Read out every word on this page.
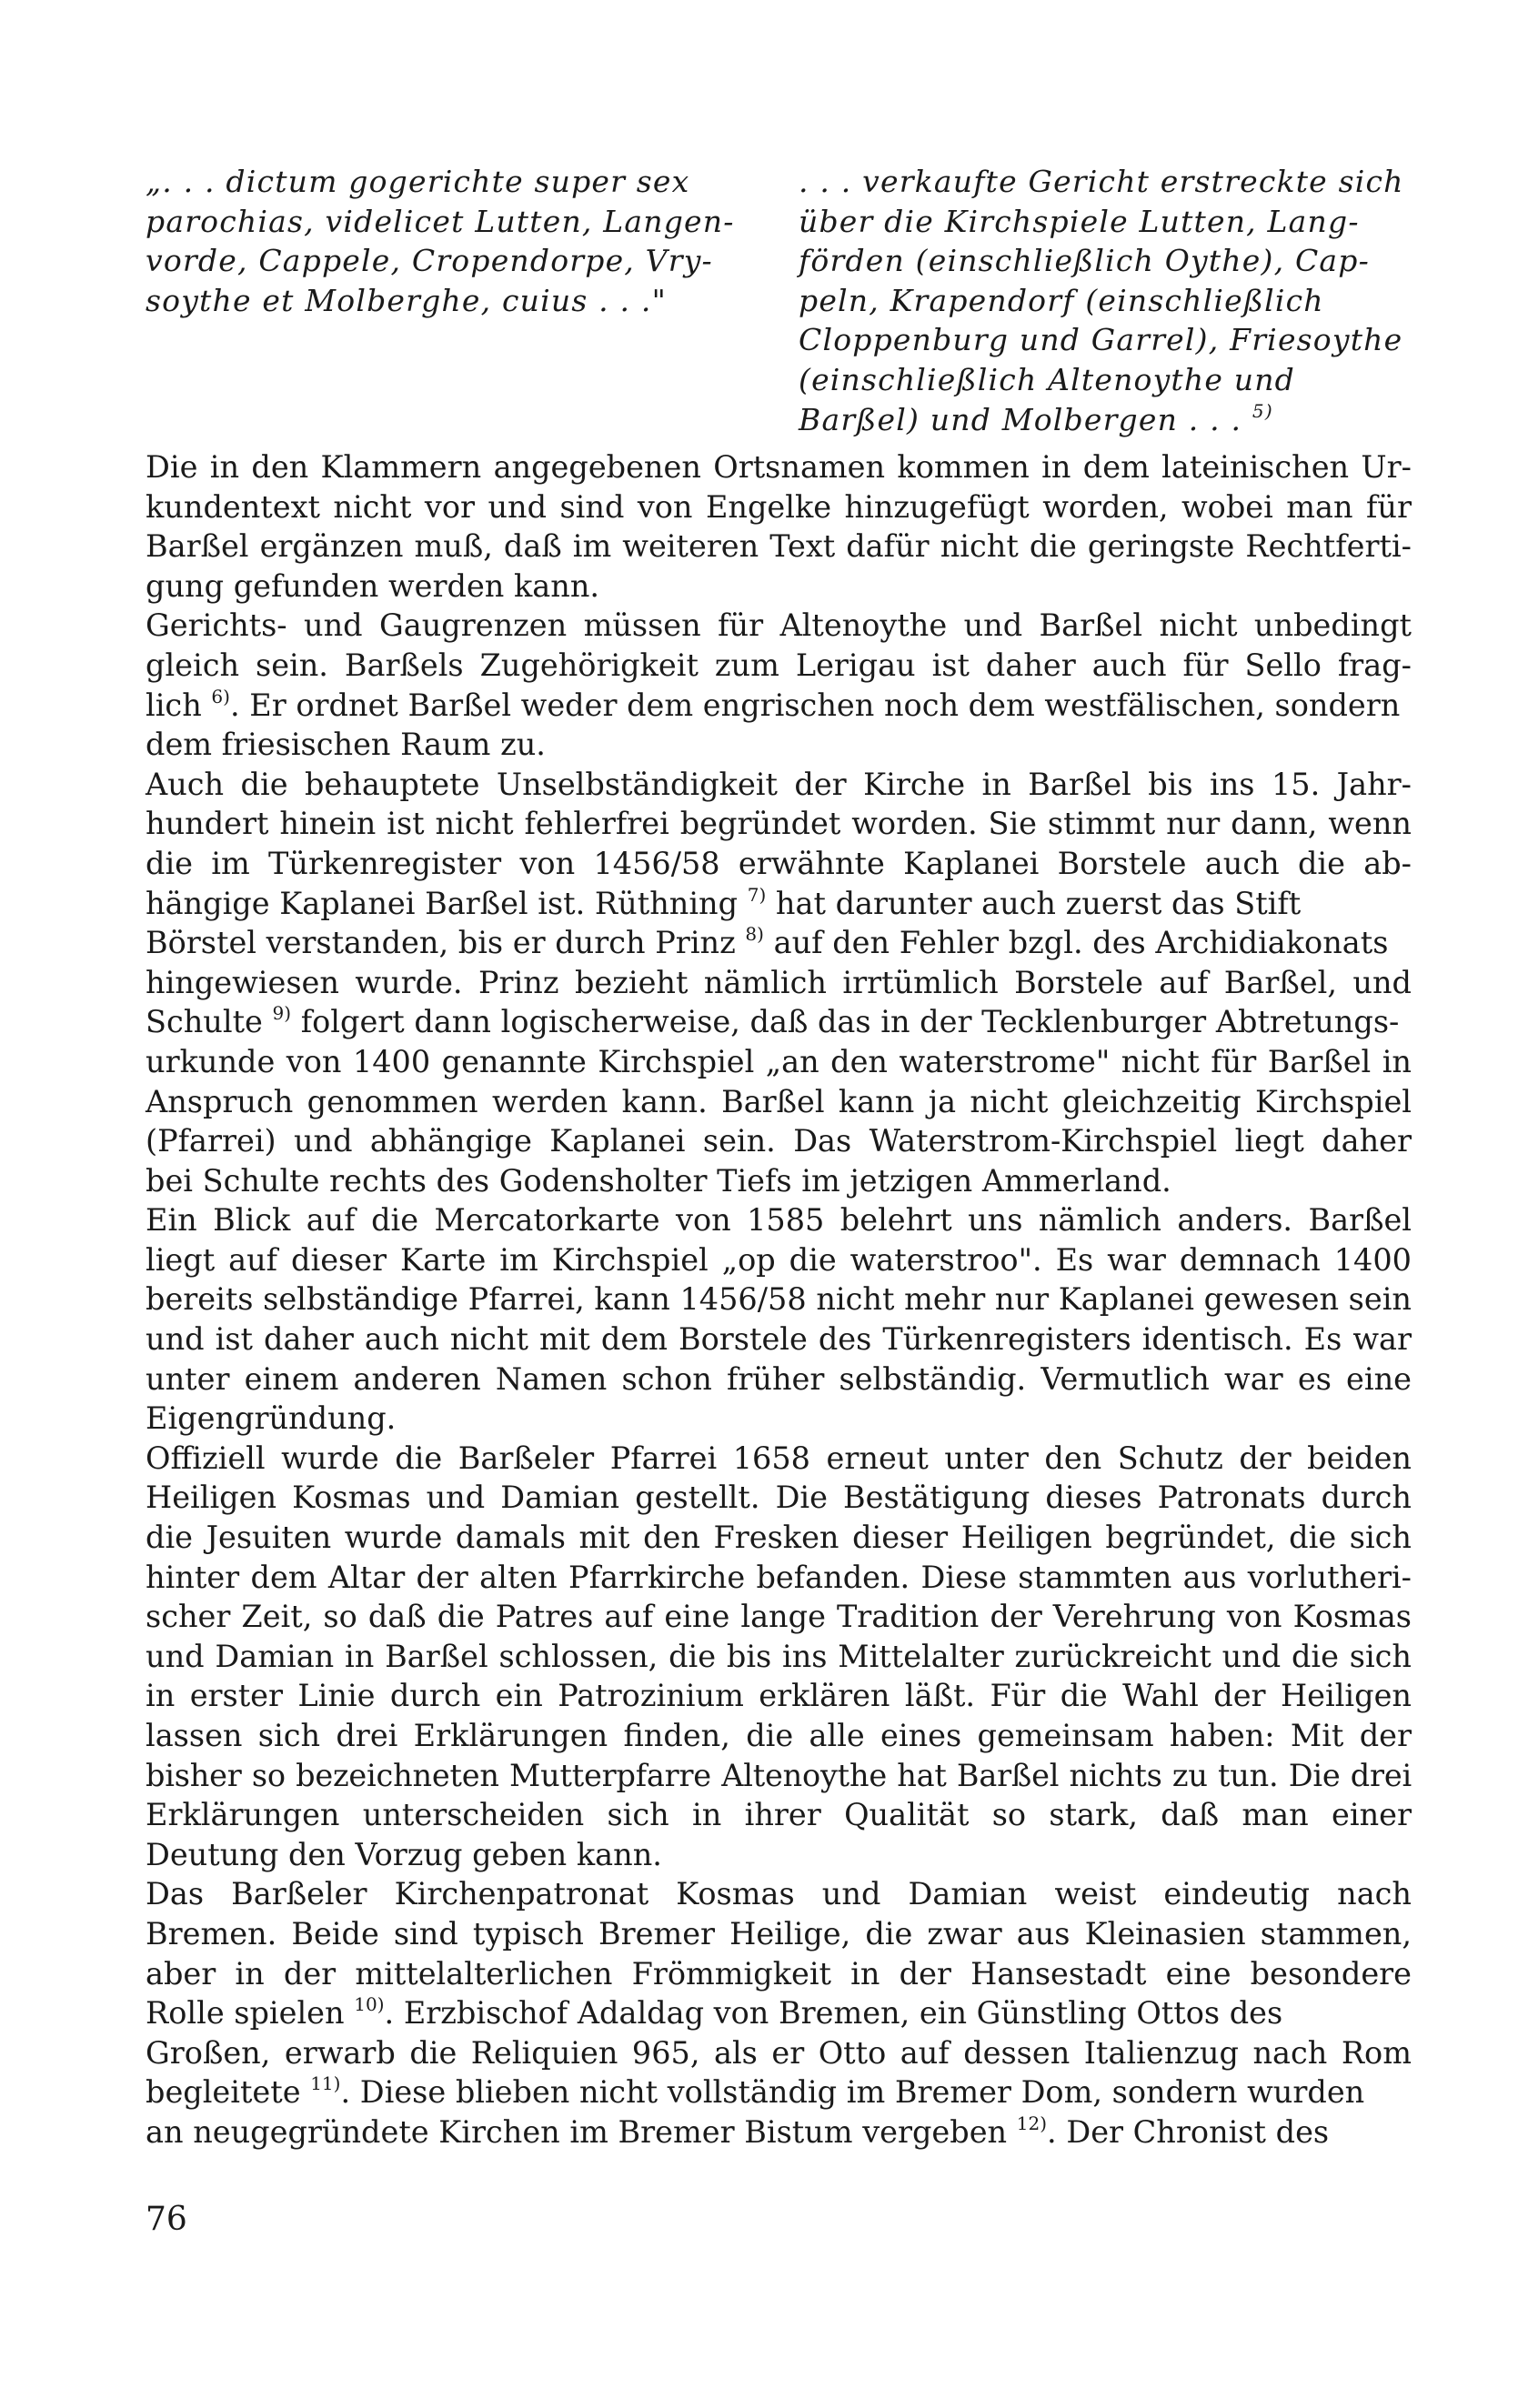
„. . . dictum gogerichte super sex
parochias, videlicet Lutten, Langen-
vorde, Cappele, Cropendorpe, Vry-
soythe et Molberghe, cuius . . ."
. . . verkaufte Gericht erstreckte sich
über die Kirchspiele Lutten, Lang-
förden (einschließlich Oythe), Cap-
peln, Krapendorf (einschließlich
Cloppenburg und Garrel), Friesoythe
(einschließlich Altenoythe und
Barßel) und Molbergen . . . $^{5)}$
Die in den Klammern angegebenen Ortsnamen kommen in dem lateinischen Ur-
kundentext nicht vor und sind von Engelke hinzugefügt worden, wobei man für
Barßel ergänzen muß, daß im weiteren Text dafür nicht die geringste Rechtferti-
gung gefunden werden kann.
Gerichts- und Gaugrenzen müssen für Altenoythe und Barßel nicht unbedingt
gleich sein. Barßels Zugehörigkeit zum Lerigau ist daher auch für Sello frag-
lich $^{6)}$. Er ordnet Barßel weder dem engrischen noch dem westfälischen, sondern
dem friesischen Raum zu.
Auch die behauptete Unselbständigkeit der Kirche in Barßel bis ins 15. Jahr-
hundert hinein ist nicht fehlerfrei begründet worden. Sie stimmt nur dann, wenn
die im Türkenregister von 1456/58 erwähnte Kaplanei Borstele auch die ab-
hängige Kaplanei Barßel ist. Rüthning $^{7)}$ hat darunter auch zuerst das Stift
Börstel verstanden, bis er durch Prinz $^{8)}$ auf den Fehler bzgl. des Archidiakonats
hingewiesen wurde. Prinz bezieht nämlich irrtümlich Borstele auf Barßel, und
Schulte $^{9)}$ folgert dann logischerweise, daß das in der Tecklenburger Abtretungs-
urkunde von 1400 genannte Kirchspiel „an den waterstrome" nicht für Barßel in
Anspruch genommen werden kann. Barßel kann ja nicht gleichzeitig Kirchspiel
(Pfarrei) und abhängige Kaplanei sein. Das Waterstrom-Kirchspiel liegt daher
bei Schulte rechts des Godensholter Tiefs im jetzigen Ammerland.
Ein Blick auf die Mercatorkarte von 1585 belehrt uns nämlich anders. Barßel
liegt auf dieser Karte im Kirchspiel „op die waterstroo". Es war demnach 1400
bereits selbständige Pfarrei, kann 1456/58 nicht mehr nur Kaplanei gewesen sein
und ist daher auch nicht mit dem Borstele des Türkenregisters identisch. Es war
unter einem anderen Namen schon früher selbständig. Vermutlich war es eine
Eigengründung.
Offiziell wurde die Barßeler Pfarrei 1658 erneut unter den Schutz der beiden
Heiligen Kosmas und Damian gestellt. Die Bestätigung dieses Patronats durch
die Jesuiten wurde damals mit den Fresken dieser Heiligen begründet, die sich
hinter dem Altar der alten Pfarrkirche befanden. Diese stammten aus vorlutheri-
scher Zeit, so daß die Patres auf eine lange Tradition der Verehrung von Kosmas
und Damian in Barßel schlossen, die bis ins Mittelalter zurückreicht und die sich
in erster Linie durch ein Patrozinium erklären läßt. Für die Wahl der Heiligen
lassen sich drei Erklärungen finden, die alle eines gemeinsam haben: Mit der
bisher so bezeichneten Mutterpfarre Altenoythe hat Barßel nichts zu tun. Die drei
Erklärungen unterscheiden sich in ihrer Qualität so stark, daß man einer
Deutung den Vorzug geben kann.
Das Barßeler Kirchenpatronat Kosmas und Damian weist eindeutig nach
Bremen. Beide sind typisch Bremer Heilige, die zwar aus Kleinasien stammen,
aber in der mittelalterlichen Frömmigkeit in der Hansestadt eine besondere
Rolle spielen $^{10)}$. Erzbischof Adaldag von Bremen, ein Günstling Ottos des
Großen, erwarb die Reliquien 965, als er Otto auf dessen Italienzug nach Rom
begleitete $^{11)}$. Diese blieben nicht vollständig im Bremer Dom, sondern wurden
an neugegründete Kirchen im Bremer Bistum vergeben $^{12)}$. Der Chronist des
76
